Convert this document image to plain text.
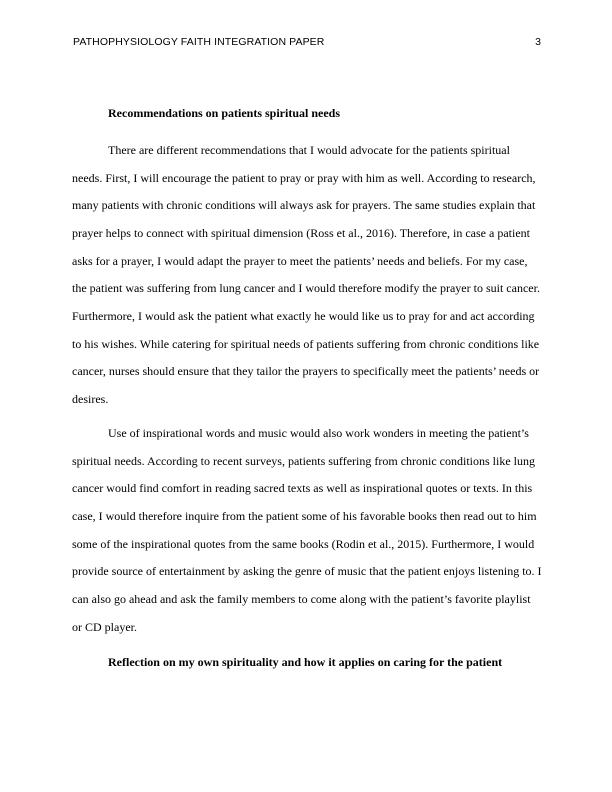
PATHOPHYSIOLOGY FAITH INTEGRATION PAPER	3
Recommendations on patients spiritual needs

There are different recommendations that I would advocate for the patients spiritual needs. First, I will encourage the patient to pray or pray with him as well. According to research, many patients with chronic conditions will always ask for prayers. The same studies explain that prayer helps to connect with spiritual dimension (Ross et al., 2016). Therefore, in case a patient asks for a prayer, I would adapt the prayer to meet the patients’ needs and beliefs. For my case, the patient was suffering from lung cancer and I would therefore modify the prayer to suit cancer. Furthermore, I would ask the patient what exactly he would like us to pray for and act according to his wishes. While catering for spiritual needs of patients suffering from chronic conditions like cancer, nurses should ensure that they tailor the prayers to specifically meet the patients’ needs or desires.

Use of inspirational words and music would also work wonders in meeting the patient’s spiritual needs. According to recent surveys, patients suffering from chronic conditions like lung cancer would find comfort in reading sacred texts as well as inspirational quotes or texts. In this case, I would therefore inquire from the patient some of his favorable books then read out to him some of the inspirational quotes from the same books (Rodin et al., 2015). Furthermore, I would provide source of entertainment by asking the genre of music that the patient enjoys listening to. I can also go ahead and ask the family members to come along with the patient’s favorite playlist or CD player.

Reflection on my own spirituality and how it applies on caring for the patient
